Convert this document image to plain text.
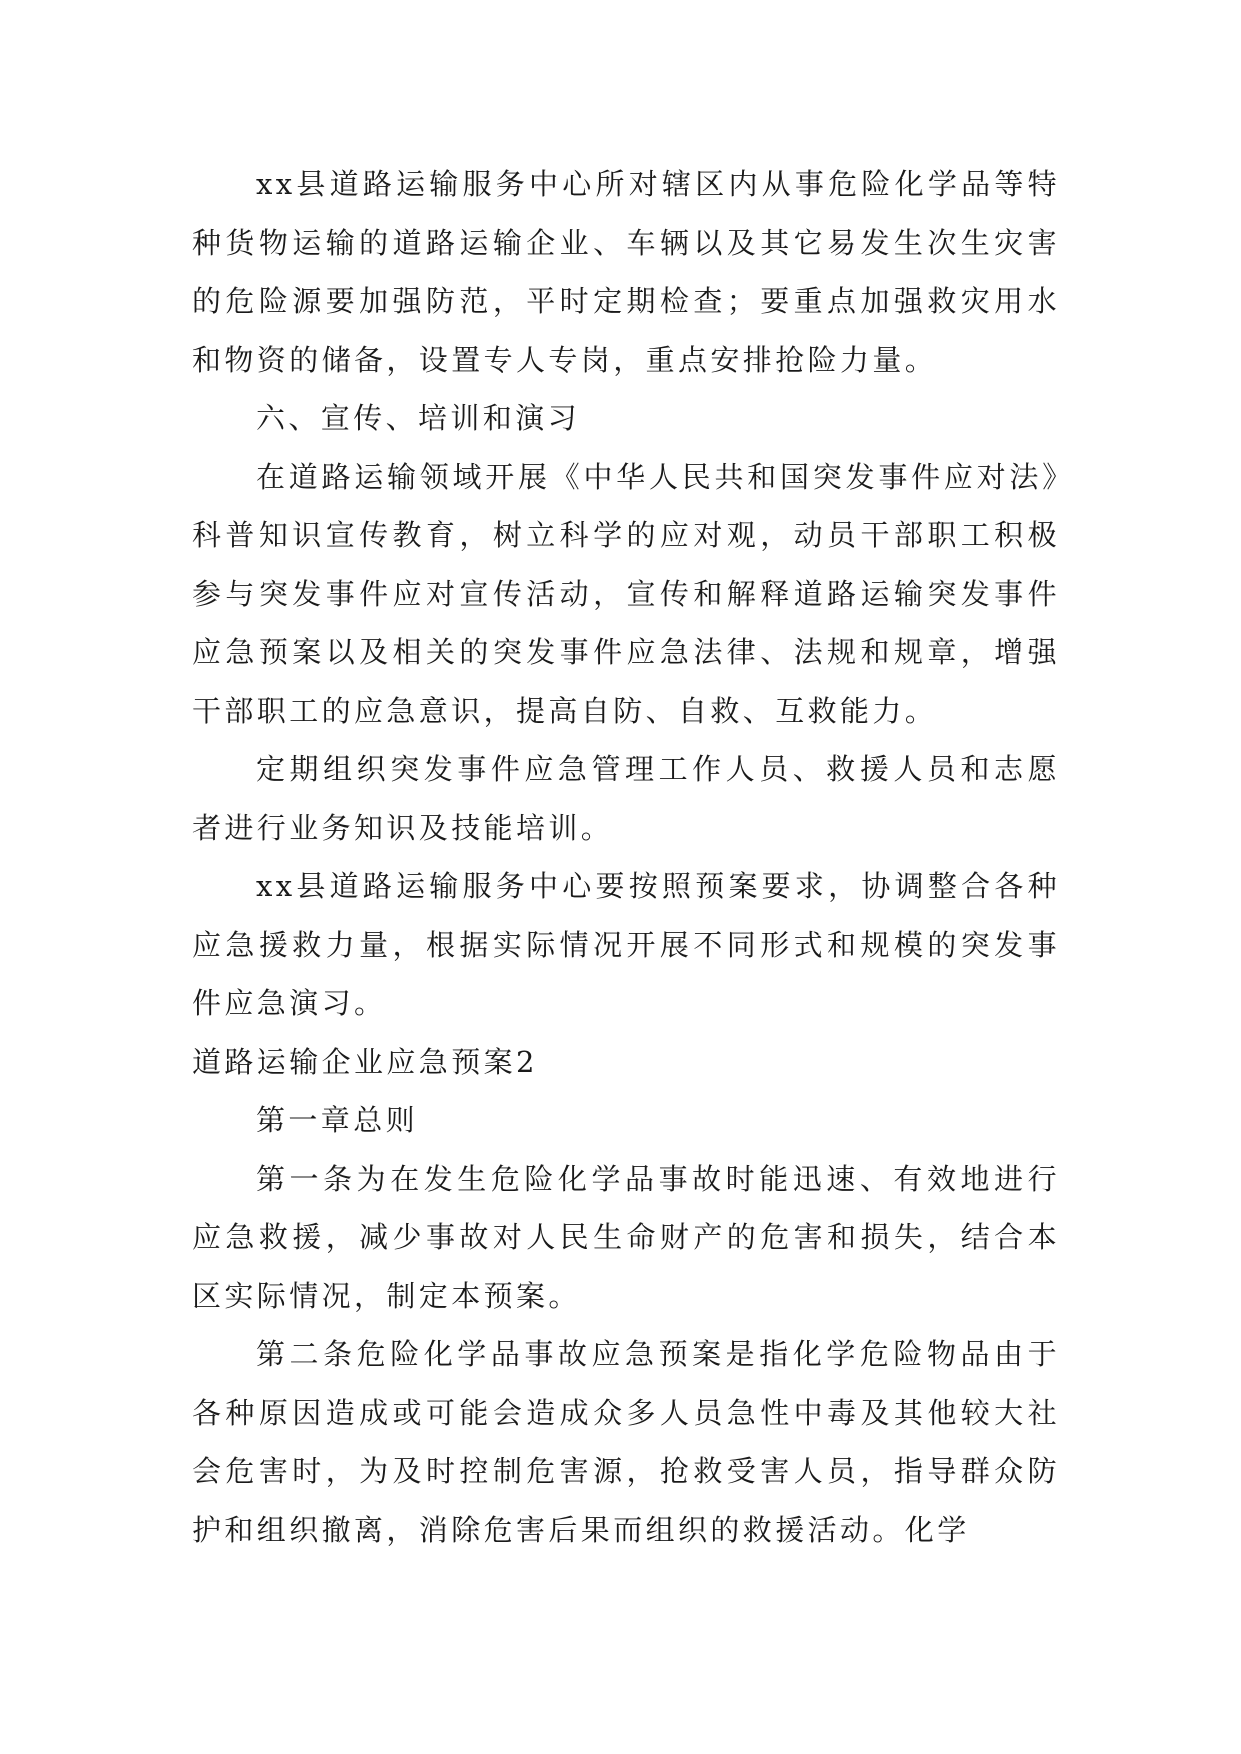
xx县道路运输服务中心所对辖区内从事危险化学品等特种货物运输的道路运输企业、车辆以及其它易发生次生灾害的危险源要加强防范，平时定期检查；要重点加强救灾用水和物资的储备，设置专人专岗，重点安排抢险力量。

六、宣传、培训和演习

在道路运输领域开展《中华人民共和国突发事件应对法》科普知识宣传教育，树立科学的应对观，动员干部职工积极参与突发事件应对宣传活动，宣传和解释道路运输突发事件应急预案以及相关的突发事件应急法律、法规和规章，增强干部职工的应急意识，提高自防、自救、互救能力。

定期组织突发事件应急管理工作人员、救援人员和志愿者进行业务知识及技能培训。

xx县道路运输服务中心要按照预案要求，协调整合各种应急援救力量，根据实际情况开展不同形式和规模的突发事件应急演习。

道路运输企业应急预案2

第一章总则

第一条为在发生危险化学品事故时能迅速、有效地进行应急救援，减少事故对人民生命财产的危害和损失，结合本区实际情况，制定本预案。

第二条危险化学品事故应急预案是指化学危险物品由于各种原因造成或可能会造成众多人员急性中毒及其他较大社会危害时，为及时控制危害源，抢救受害人员，指导群众防护和组织撤离，消除危害后果而组织的救援活动。化学
